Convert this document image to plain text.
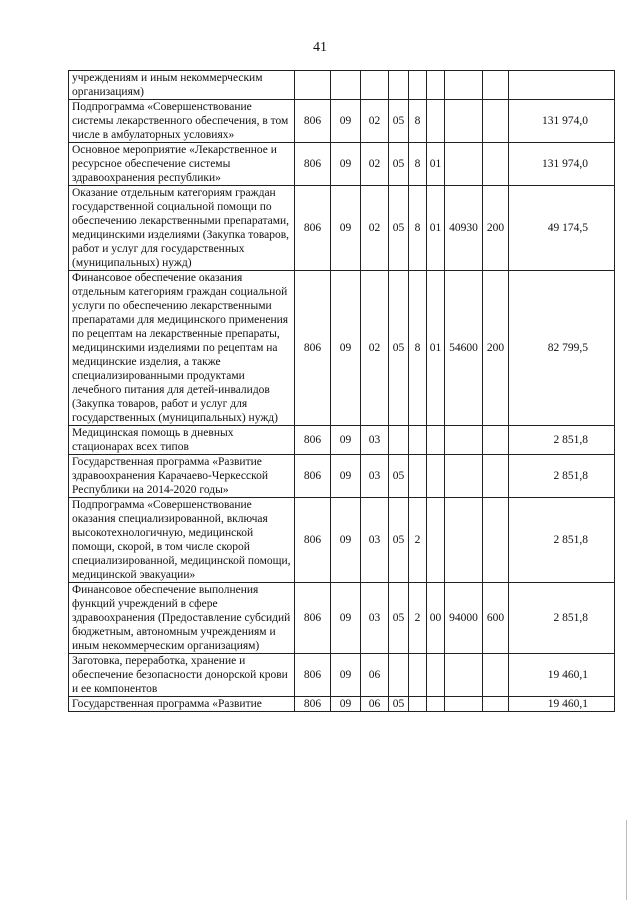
41
учреждениям и иным некоммерческим организациям)									
Подпрограмма «Совершенствование системы лекарственного обеспечения, в том числе в амбулаторных условиях»	806	09	02	05	8				131 974,0
Основное мероприятие «Лекарственное и ресурсное обеспечение системы здравоохранения республики»	806	09	02	05	8	01			131 974,0
Оказание отдельным категориям граждан государственной социальной помощи по обеспечению лекарственными препаратами, медицинскими изделиями (Закупка товаров, работ и услуг для государственных (муниципальных) нужд)	806	09	02	05	8	01	40930	200	49 174,5
Финансовое обеспечение оказания отдельным категориям граждан социальной услуги по обеспечению лекарственными препаратами для медицинского применения по рецептам на лекарственные препараты, медицинскими изделиями по рецептам на медицинские изделия, а также специализированными продуктами лечебного питания для детей-инвалидов (Закупка товаров, работ и услуг для государственных (муниципальных) нужд)	806	09	02	05	8	01	54600	200	82 799,5
Медицинская помощь в дневных стационарах всех типов	806	09	03						2 851,8
Государственная программа «Развитие здравоохранения Карачаево-Черкесской Республики на 2014-2020 годы»	806	09	03	05					2 851,8
Подпрограмма «Совершенствование оказания специализированной, включая высокотехнологичную, медицинской помощи, скорой, в том числе скорой специализированной, медицинской помощи, медицинской эвакуации»	806	09	03	05	2				2 851,8
Финансовое обеспечение выполнения функций учреждений в сфере здравоохранения (Предоставление субсидий бюджетным, автономным учреждениям и иным некоммерческим организациям)	806	09	03	05	2	00	94000	600	2 851,8
Заготовка, переработка, хранение и обеспечение безопасности донорской крови и ее компонентов	806	09	06						19 460,1
Государственная программа «Развитие	806	09	06	05					19 460,1
